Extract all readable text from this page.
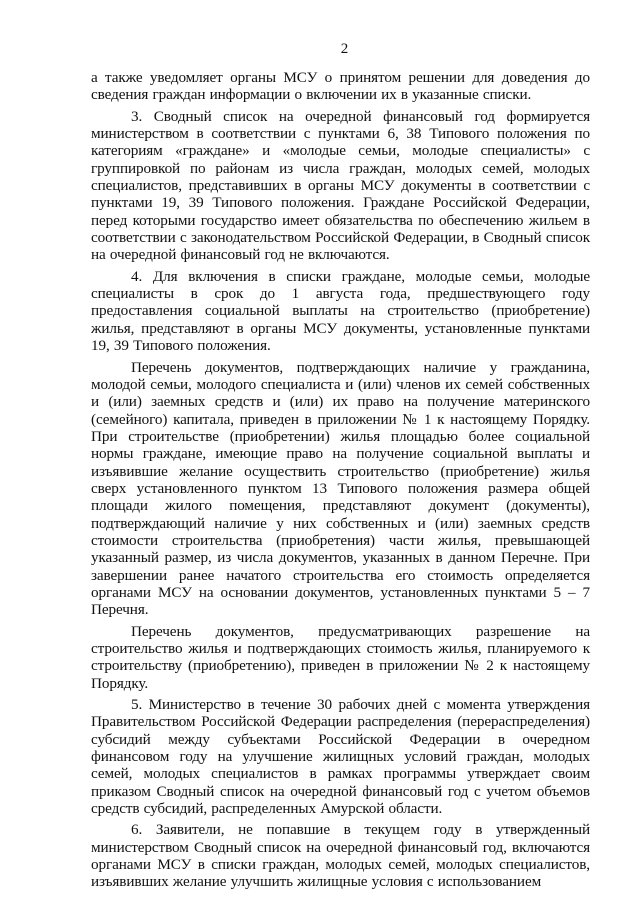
2

а также уведомляет органы МСУ о принятом решении для доведения до сведения граждан информации о включении их в указанные списки.

3. Сводный список на очередной финансовый год формируется министерством в соответствии с пунктами 6, 38 Типового положения по категориям «граждане» и «молодые семьи, молодые специалисты» с группировкой по районам из числа граждан, молодых семей, молодых специалистов, представивших в органы МСУ документы в соответствии с пунктами 19, 39 Типового положения. Граждане Российской Федерации, перед которыми государство имеет обязательства по обеспечению жильем в соответствии с законодательством Российской Федерации, в Сводный список на очередной финансовый год не включаются.

4. Для включения в списки граждане, молодые семьи, молодые специалисты в срок до 1 августа года, предшествующего году предоставления социальной выплаты на строительство (приобретение) жилья, представляют в органы МСУ документы, установленные пунктами 19, 39 Типового положения.

Перечень документов, подтверждающих наличие у гражданина, молодой семьи, молодого специалиста и (или) членов их семей собственных и (или) заемных средств и (или) их право на получение материнского (семейного) капитала, приведен в приложении № 1 к настоящему Порядку. При строительстве (приобретении) жилья площадью более социальной нормы граждане, имеющие право на получение социальной выплаты и изъявившие желание осуществить строительство (приобретение) жилья сверх установленного пунктом 13 Типового положения размера общей площади жилого помещения, представляют документ (документы), подтверждающий наличие у них собственных и (или) заемных средств стоимости строительства (приобретения) части жилья, превышающей указанный размер, из числа документов, указанных в данном Перечне. При завершении ранее начатого строительства его стоимость определяется органами МСУ на основании документов, установленных пунктами 5 – 7 Перечня.

Перечень документов, предусматривающих разрешение на строительство жилья и подтверждающих стоимость жилья, планируемого к строительству (приобретению), приведен в приложении № 2 к настоящему Порядку.

5. Министерство в течение 30 рабочих дней с момента утверждения Правительством Российской Федерации распределения (перераспределения) субсидий между субъектами Российской Федерации в очередном финансовом году на улучшение жилищных условий граждан, молодых семей, молодых специалистов в рамках программы утверждает своим приказом Сводный список на очередной финансовый год с учетом объемов средств субсидий, распределенных Амурской области.

6. Заявители, не попавшие в текущем году в утвержденный министерством Сводный список на очередной финансовый год, включаются органами МСУ в списки граждан, молодых семей, молодых специалистов, изъявивших желание улучшить жилищные условия с использованием
